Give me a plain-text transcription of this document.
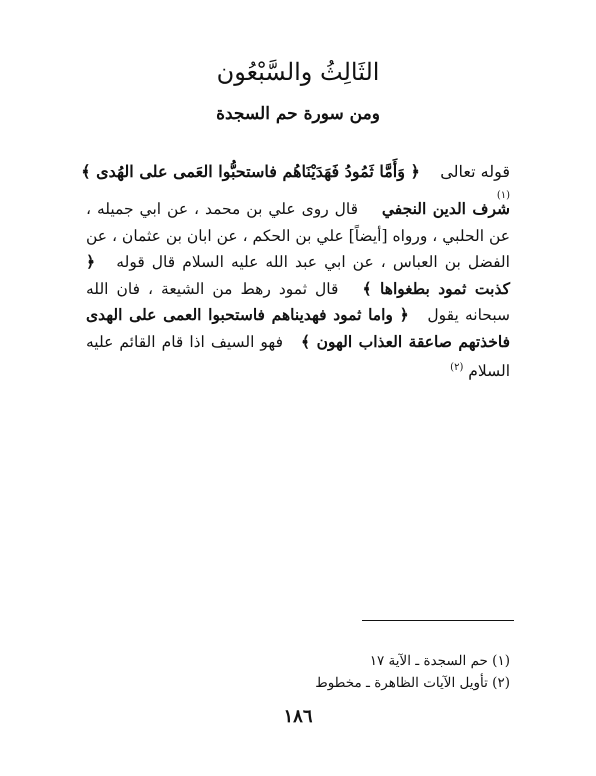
الثَالِثُ والسَّبْعُون
ومن سورة حم السجدة
قوله تعالى    ﴿ وَأَمَّا ثَمُودُ فَهَدَيْنَاهُم فاستحبُّوا العَمى على الهُدى ﴾ $^{(١)}$
شرف الدين النجفي    قال روى علي بن محمد ، عن ابي جميله ، عن الحلبي ، ورواه [أيضاً] علي بن الحكم ، عن ابان بن عثمان ، عن الفضل بن العباس ، عن ابي عبد الله عليه السلام قال قوله   ﴿ كذبت ثمود بطغواها ﴾   قال ثمود رهط من الشيعة ، فان الله سبحانه يقول   ﴿ واما ثمود فهديناهم فاستحبوا العمى على الهدى فاخذتهم صاعقة العذاب الهون ﴾   فهو السيف اذا قام القائم عليه السلام $^{(٢)}$
(١) حم السجدة ـ الآية ١٧
(٢) تأويل الآيات الظاهرة ـ مخطوط
١٨٦
